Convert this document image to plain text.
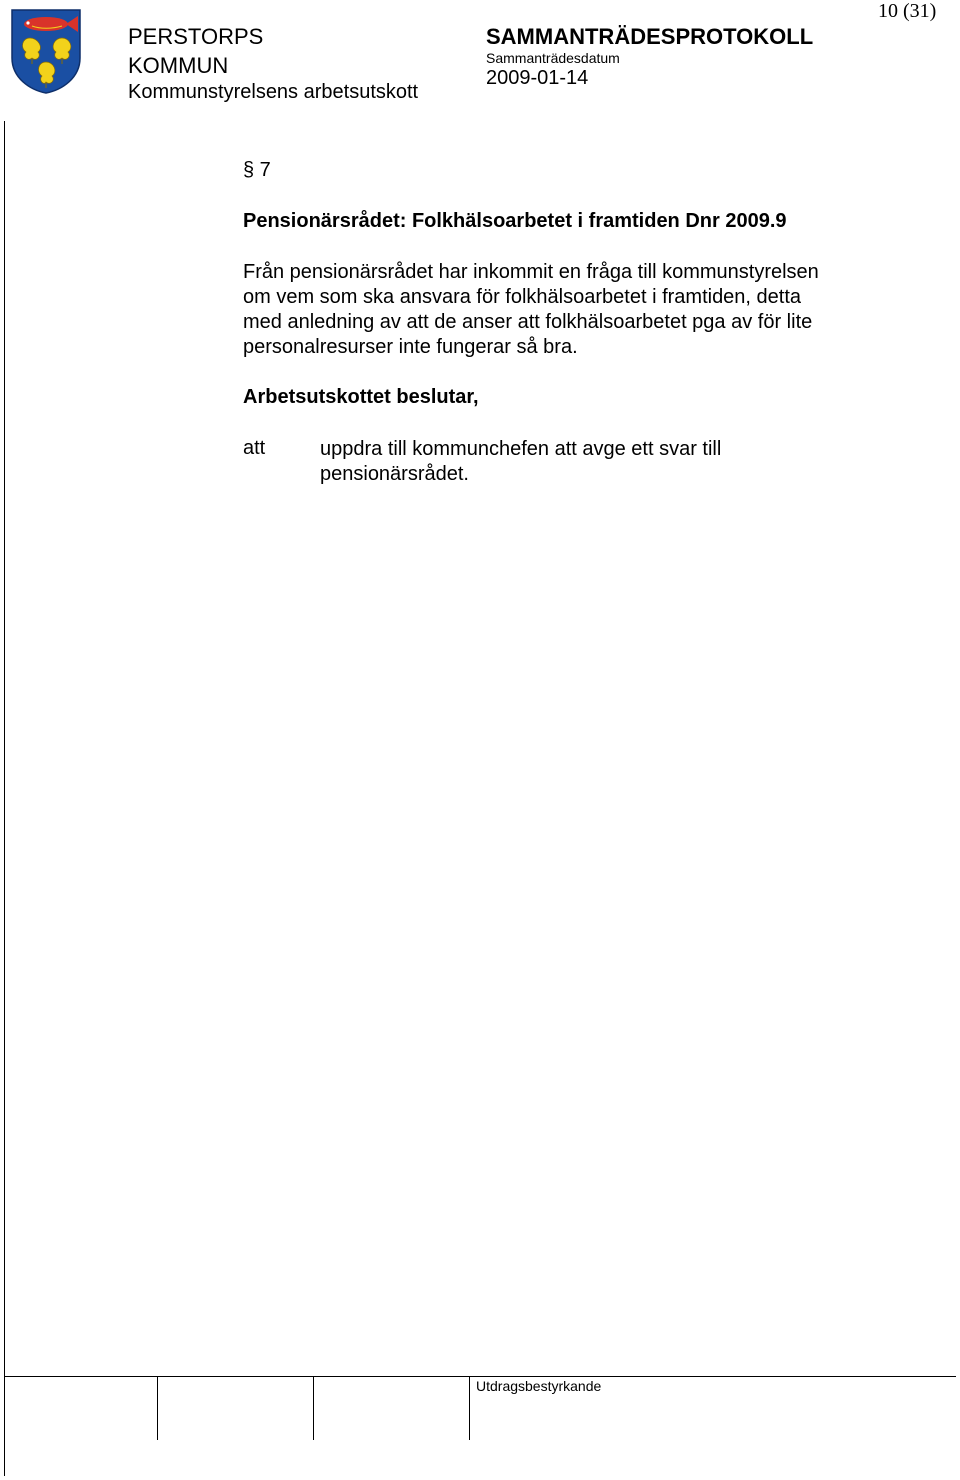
10 (31)
PERSTORPS
KOMMUN
Kommunstyrelsens arbetsutskott
SAMMANTRÄDESPROTOKOLL
Sammanträdesdatum
2009-01-14
§ 7
Pensionärsrådet: Folkhälsoarbetet i framtiden Dnr 2009.9
Från pensionärsrådet har inkommit en fråga till kommunstyrelsen
om vem som ska ansvara för folkhälsoarbetet i framtiden, detta
med anledning av att de anser att folkhälsoarbetet pga av för lite
personalresurser inte fungerar så bra.
Arbetsutskottet beslutar,
att	uppdra till kommunchefen att avge ett svar till
pensionärsrådet.
Utdragsbestyrkande
